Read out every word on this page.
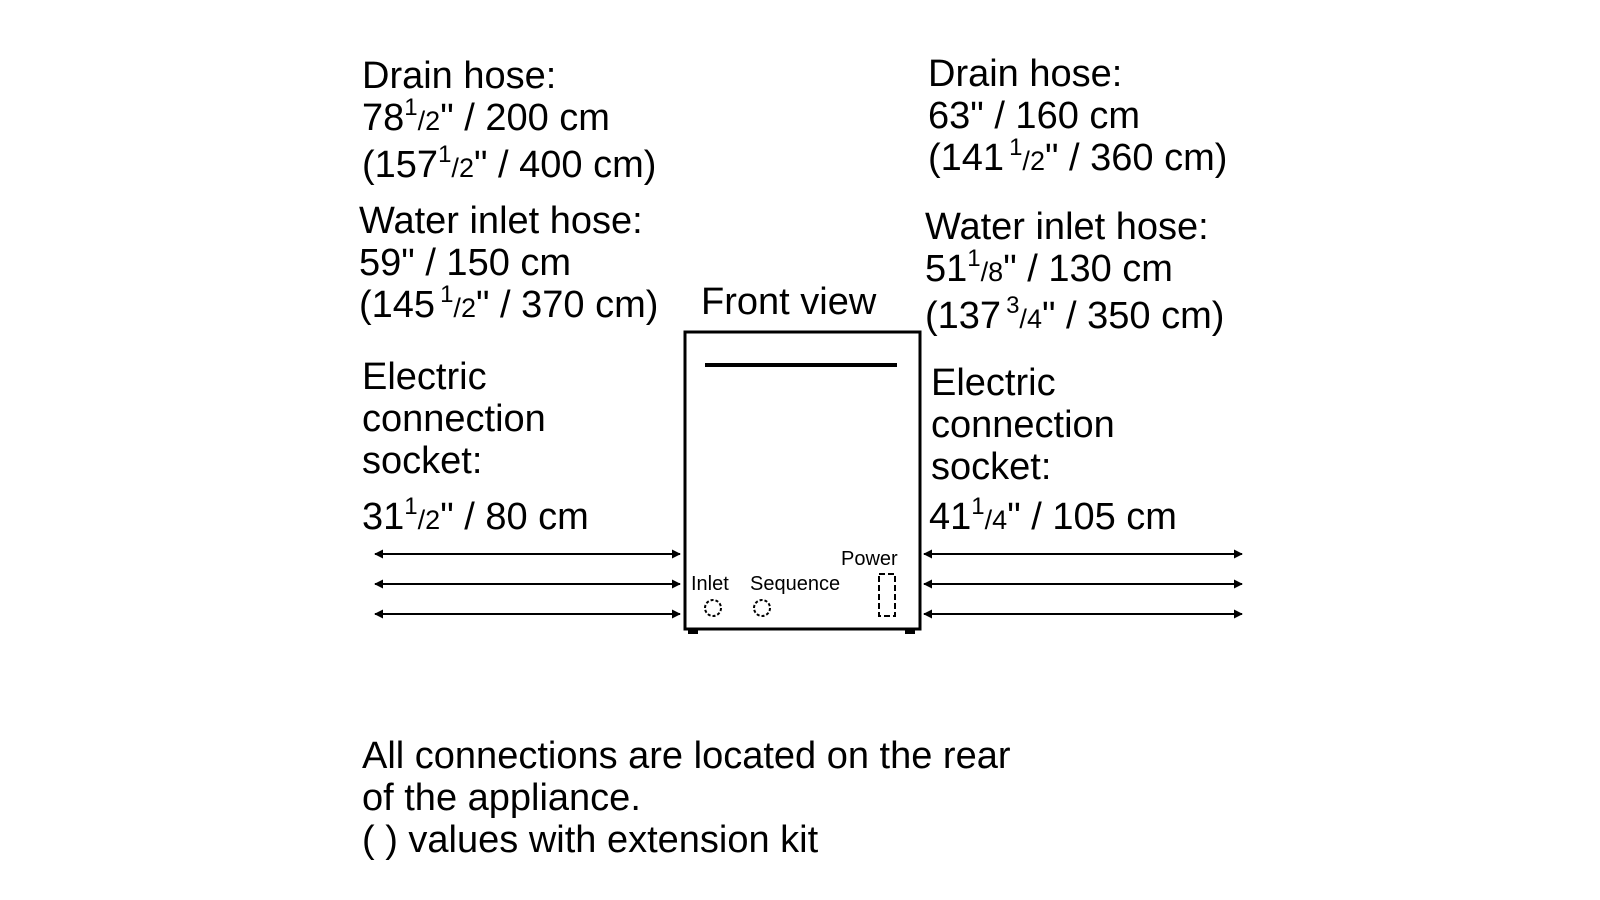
Drain hose:
$78^1/2$" / 200 cm
($157^1/2$" / 400 cm)
Water inlet hose:
59" / 150 cm
(145 $^1$/2" / 370 cm)
Electric
connection
socket:
$31^1/2$" / 80 cm
Front view
Drain hose:
63" / 160 cm
(141 $^1$/2" / 360 cm)
Water inlet hose:
$51^1/8$" / 130 cm
(137 $^3$/4" / 350 cm)
Electric
connection
socket:
$41^1/4$" / 105 cm
Inlet Sequence
Power
All connections are located on the rear
of the appliance.
( ) values with extension kit
